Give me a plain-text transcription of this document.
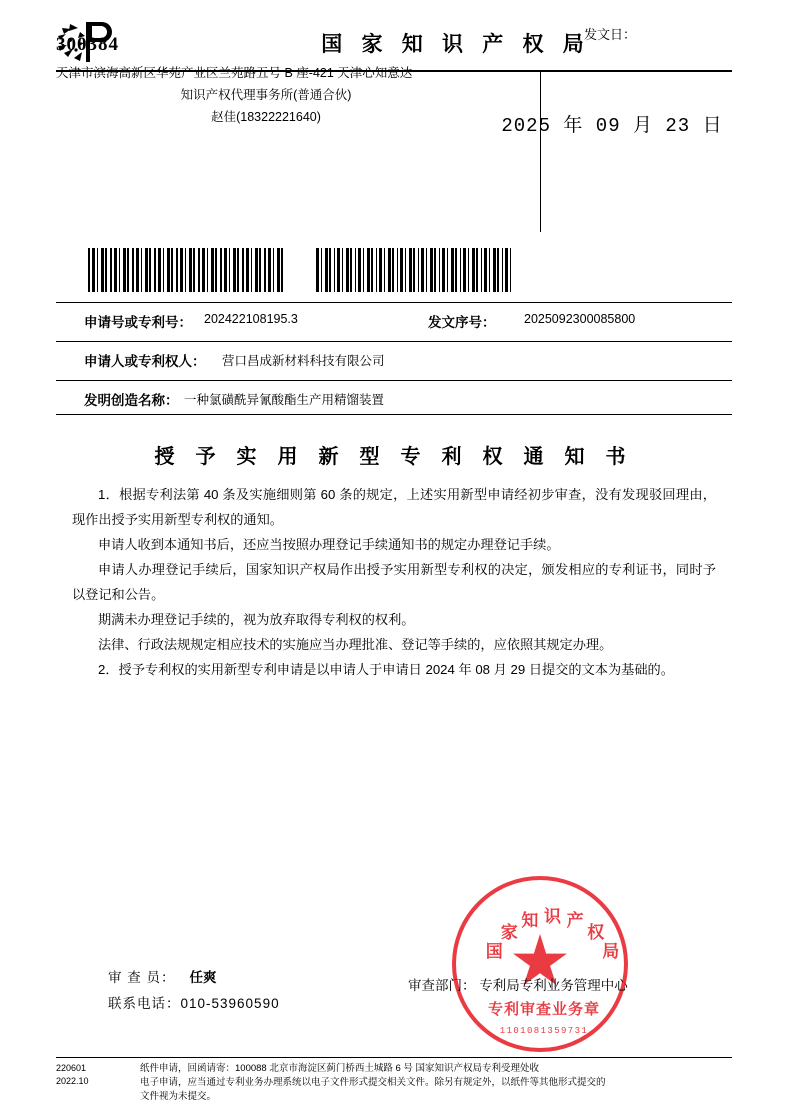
国 家 知 识 产 权 局
300384
天津市滨海高新区华苑产业区兰苑路五号 B 座-421 天津心知意达
知识产权代理事务所(普通合伙)
赵佳(18322221640)
发文日：
2025 年 09 月 23 日
申请号或专利号： 202422108195.3	发文序号： 2025092300085800
申请人或专利权人： 营口昌成新材料科技有限公司
发明创造名称： 一种氯磺酰异氰酸酯生产用精馏装置
授 予 实 用 新 型 专 利 权 通 知 书

1．根据专利法第 40 条及实施细则第 60 条的规定，上述实用新型申请经初步审查，没有发现驳回理由，现作出授予实用新型专利权的通知。

申请人收到本通知书后，还应当按照办理登记手续通知书的规定办理登记手续。

申请人办理登记手续后，国家知识产权局作出授予实用新型专利权的决定，颁发相应的专利证书，同时予以登记和公告。

期满未办理登记手续的，视为放弃取得专利权的权利。

法律、行政法规规定相应技术的实施应当办理批准、登记等手续的，应依照其规定办理。

2．授予专利权的实用新型专利申请是以申请人于申请日 2024 年 08 月 29 日提交的文本为基础的。

国
家
知 识 产
权
局
专利审查业务章
1101081359731
审 查 员： 任爽
联系电话：010-53960590
审查部门： 专利局专利业务管理中心
220601
2022.10
纸件申请，回函请寄：100088 北京市海淀区蓟门桥西土城路 6 号 国家知识产权局专利受理处收
电子申请，应当通过专利业务办理系统以电子文件形式提交相关文件。除另有规定外，以纸件等其他形式提交的
文件视为未提交。
